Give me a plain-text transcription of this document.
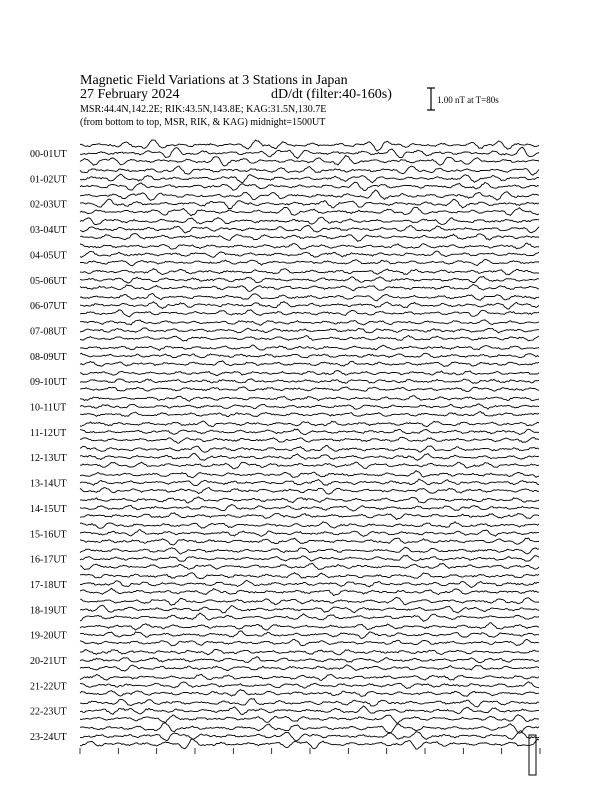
Magnetic Field Variations at 3 Stations in Japan
27 February 2024	dD/dt (filter:40-160s)
MSR:44.4N,142.2E; RIK:43.5N,143.8E; KAG:31.5N,130.7E
(from bottom to top, MSR, RIK, & KAG) midnight=1500UT
1.00 nT at T=80s
00-01UT
01-02UT
02-03UT
03-04UT
04-05UT
05-06UT
06-07UT
07-08UT
08-09UT
09-10UT
10-11UT
11-12UT
12-13UT
13-14UT
14-15UT
15-16UT
16-17UT
17-18UT
18-19UT
19-20UT
20-21UT
21-22UT
22-23UT
23-24UT
